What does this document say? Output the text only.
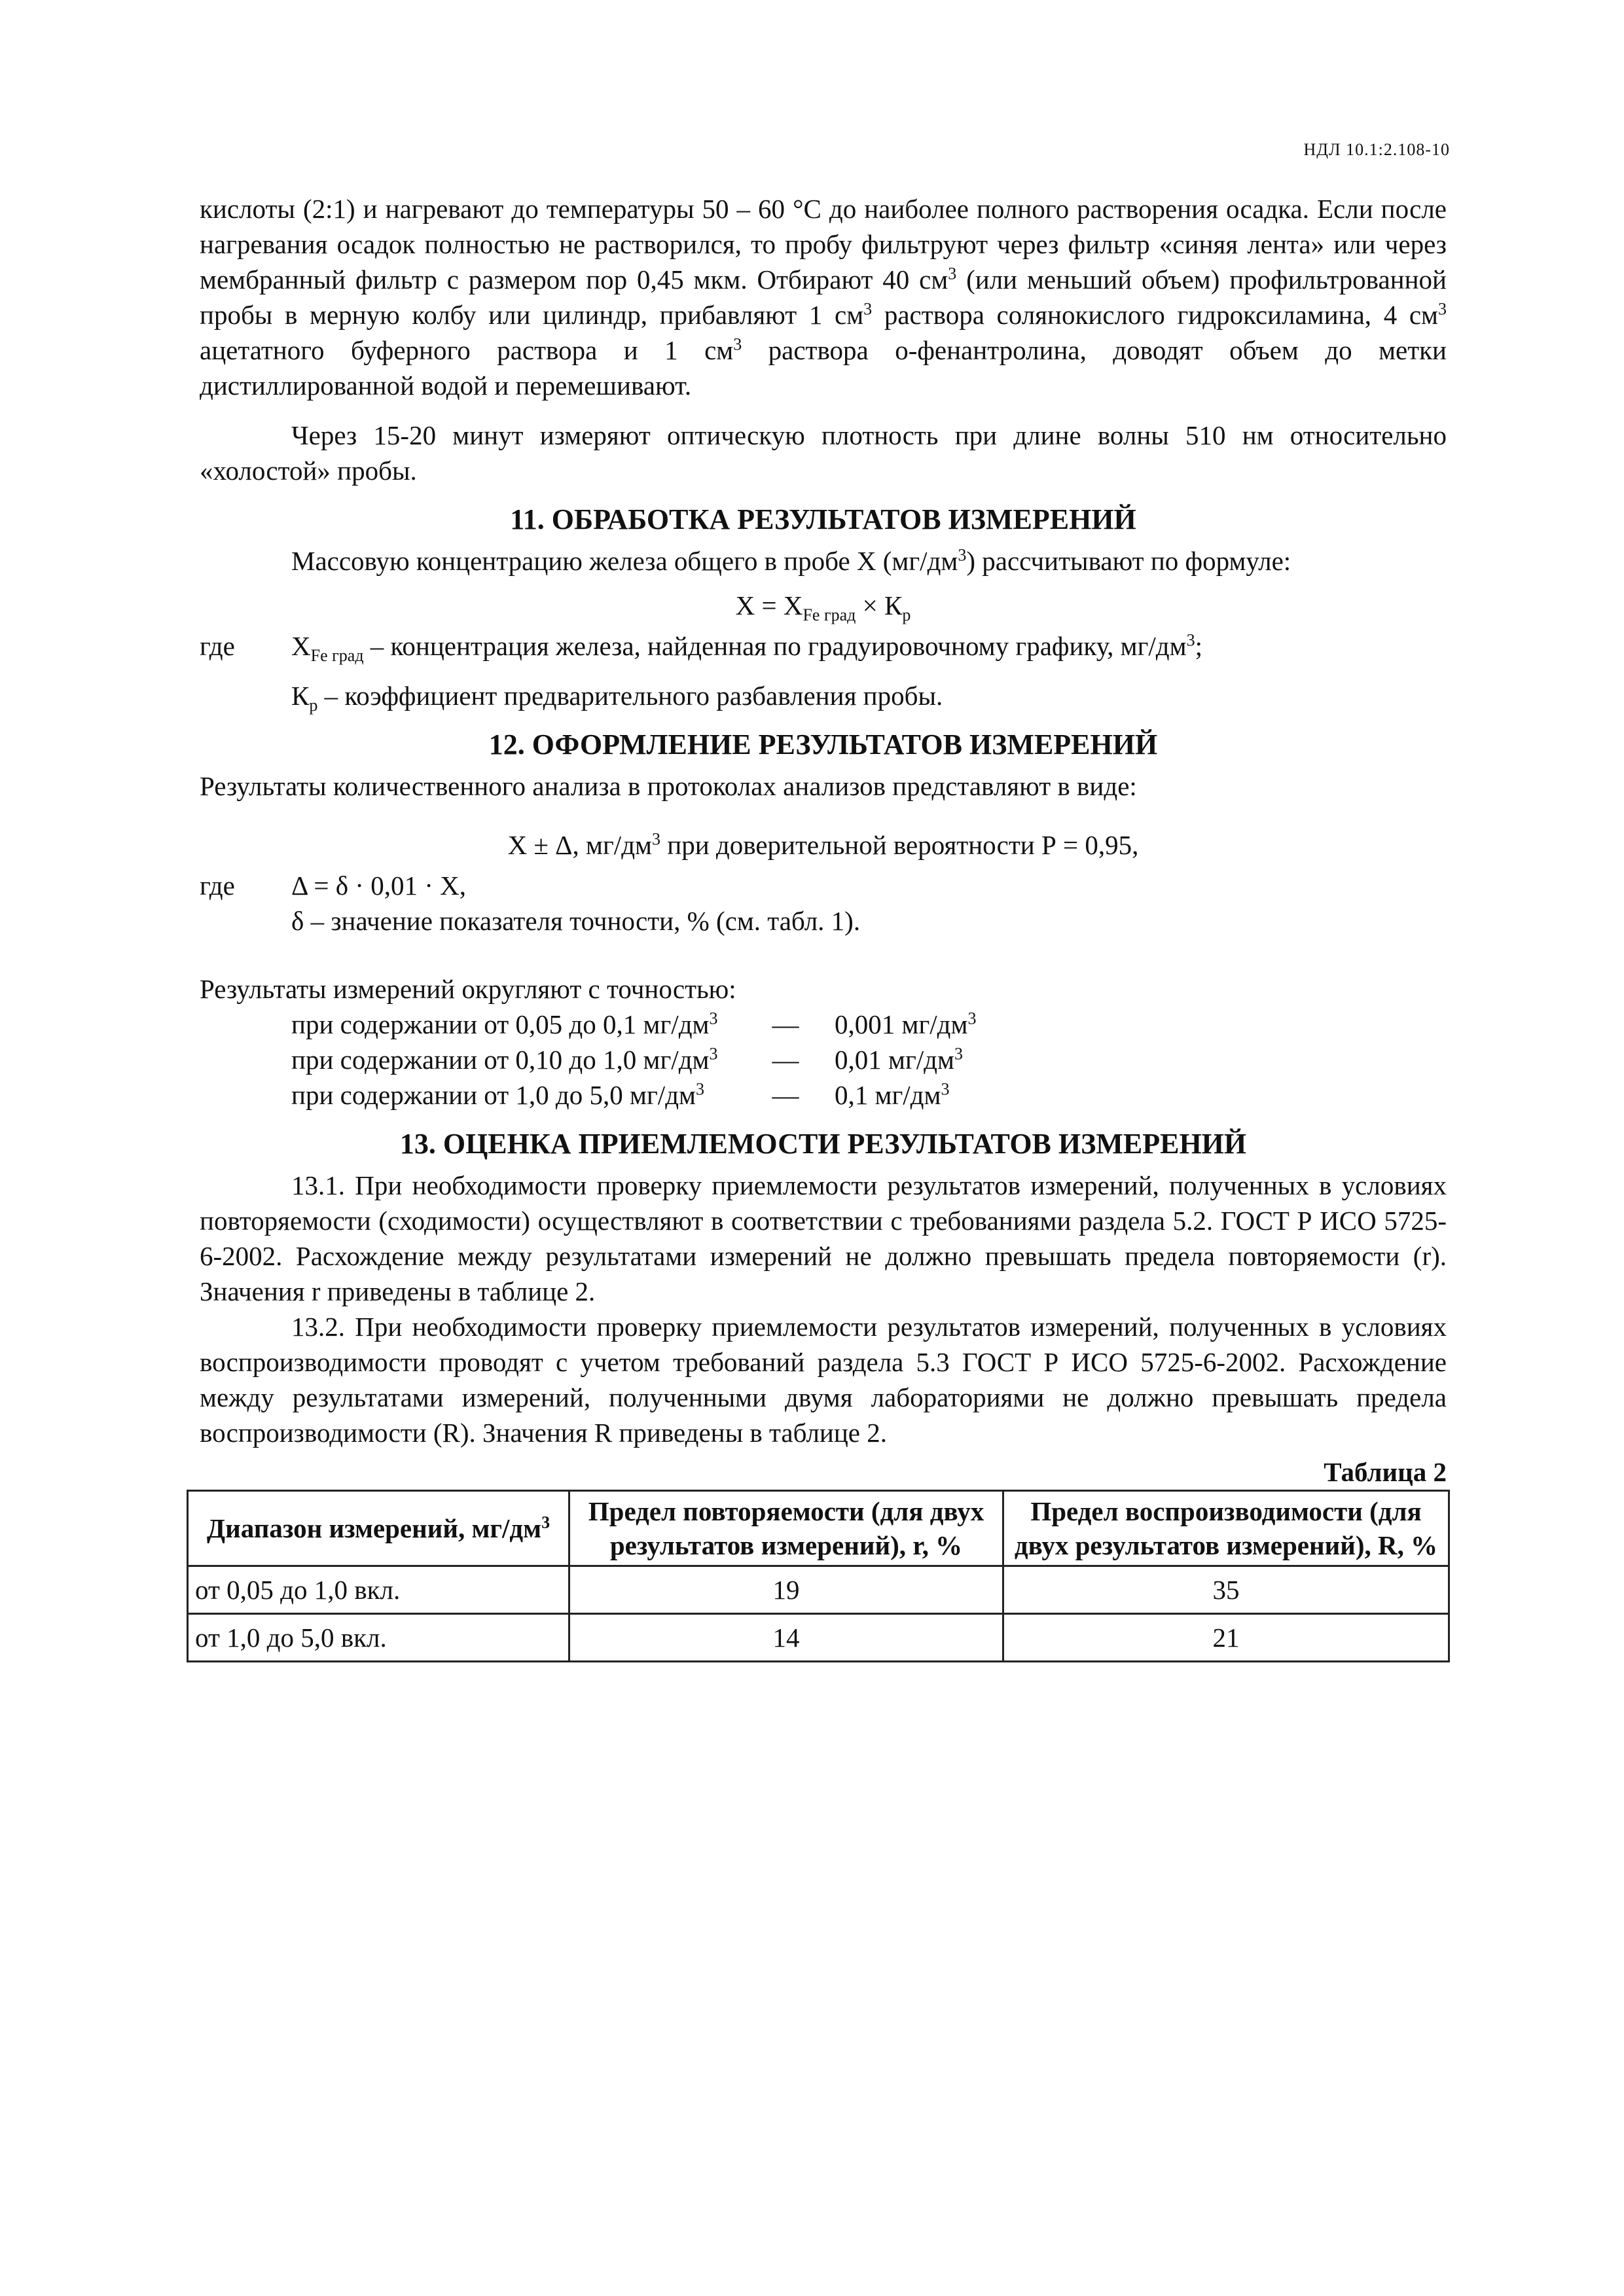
НДЛ 10.1:2.108-10

кислоты (2:1) и нагревают до температуры 50 – 60 °С до наиболее полного растворения осадка. Если после нагревания осадок полностью не растворился, то пробу фильтруют через фильтр «синяя лента» или через мембранный фильтр с размером пор 0,45 мкм. Отбирают 40 $см^3$ (или меньший объем) профильтрованной пробы в мерную колбу или цилиндр, прибавляют 1 $см^3$ раствора солянокислого гидроксиламина, 4 $см^3$ ацетатного буферного раствора и 1 $см^3$ раствора о-фенантролина, доводят объем до метки дистиллированной водой и перемешивают.

Через 15-20 минут измеряют оптическую плотность при длине волны 510 нм относительно «холостой» пробы.

11. ОБРАБОТКА РЕЗУЛЬТАТОВ ИЗМЕРЕНИЙ

Массовую концентрацию железа общего в пробе Х $(мг/дм^3)$ рассчитывают по формуле:

$Х = Х_{Fe град} \times К_р$

где	$Х_{Fe град}$ – концентрация железа, найденная по градуировочному графику, $мг/дм^3$;

$К_р$ – коэффициент предварительного разбавления пробы.

12. ОФОРМЛЕНИЕ РЕЗУЛЬТАТОВ ИЗМЕРЕНИЙ

Результаты количественного анализа в протоколах анализов представляют в виде:

Х ± Δ, $мг/дм^3$ при доверительной вероятности Р = 0,95,

где	Δ = δ · 0,01 · Х,

δ – значение показателя точности, % (см. табл. 1).

Результаты измерений округляют с точностью:

при содержании от 0,05 до 0,1 $мг/дм^3$	—	0,001 $мг/дм^3$
при содержании от 0,10 до 1,0 $мг/дм^3$	—	0,01 $мг/дм^3$
при содержании от 1,0 до 5,0 $мг/дм^3$	—	0,1 $мг/дм^3$
13. ОЦЕНКА ПРИЕМЛЕМОСТИ РЕЗУЛЬТАТОВ ИЗМЕРЕНИЙ

13.1. При необходимости проверку приемлемости результатов измерений, полученных в условиях повторяемости (сходимости) осуществляют в соответствии с требованиями раздела 5.2. ГОСТ Р ИСО 5725-6-2002. Расхождение между результатами измерений не должно превышать предела повторяемости (r). Значения r приведены в таблице 2.

13.2. При необходимости проверку приемлемости результатов измерений, полученных в условиях воспроизводимости проводят с учетом требований раздела 5.3 ГОСТ Р ИСО 5725-6-2002. Расхождение между результатами измерений, полученными двумя лабораториями не должно превышать предела воспроизводимости (R). Значения R приведены в таблице 2.

Таблица 2

Диапазон измерений, $мг/дм^3$	Предел повторяемости (для двух результатов измерений), r, %	Предел воспроизводимости (для двух результатов измерений), R, %
от 0,05 до 1,0 вкл.	19	35
от 1,0 до 5,0 вкл.	14	21
